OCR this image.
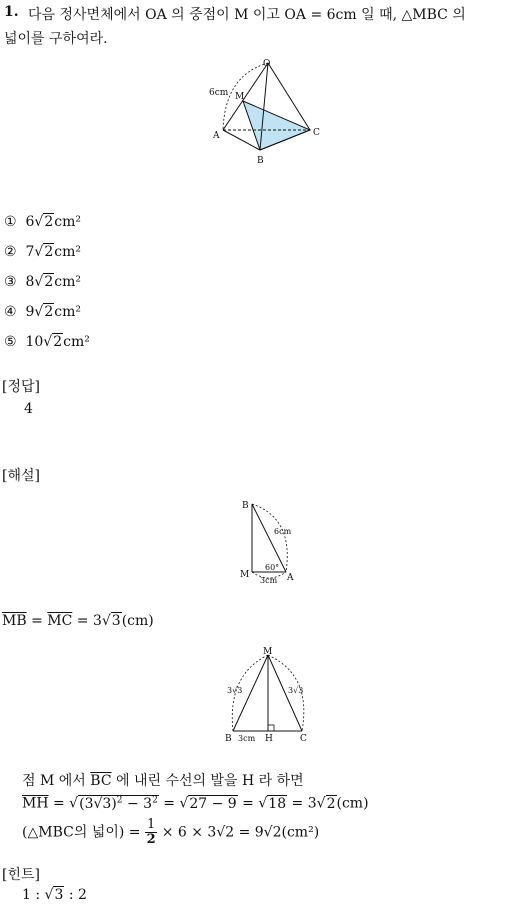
1. 다음 정사면체에서 OA 의 중점이 M 이고 OA = 6cm 일 때, △MBC 의
넓이를 구하여라.
O
M
A
B
C
6cm
① 6√2cm²
② 7√2cm²
③ 8√2cm²
④ 9√2cm²
⑤ 10√2cm²
[정답]
4
[해설]
B
M	A
6cm
60°
3cm
$\overline{MB} = \overline{MC} = 3√3(cm)$
M
B	H	C
3√3	3√3
3cm
점 M 에서 $\overline{BC}$ 에 내린 수선의 발을 H 라 하면
$\overline{MH} = √(3√3)^2 - 3^2 = √27 - 9 = √18 = 3√2(cm)$
(△MBC의 넓이) = $\frac{1}{2} \times 6 \times 3√2 = 9√2(cm^2)$
[힌트]
1 : √3 : 2
